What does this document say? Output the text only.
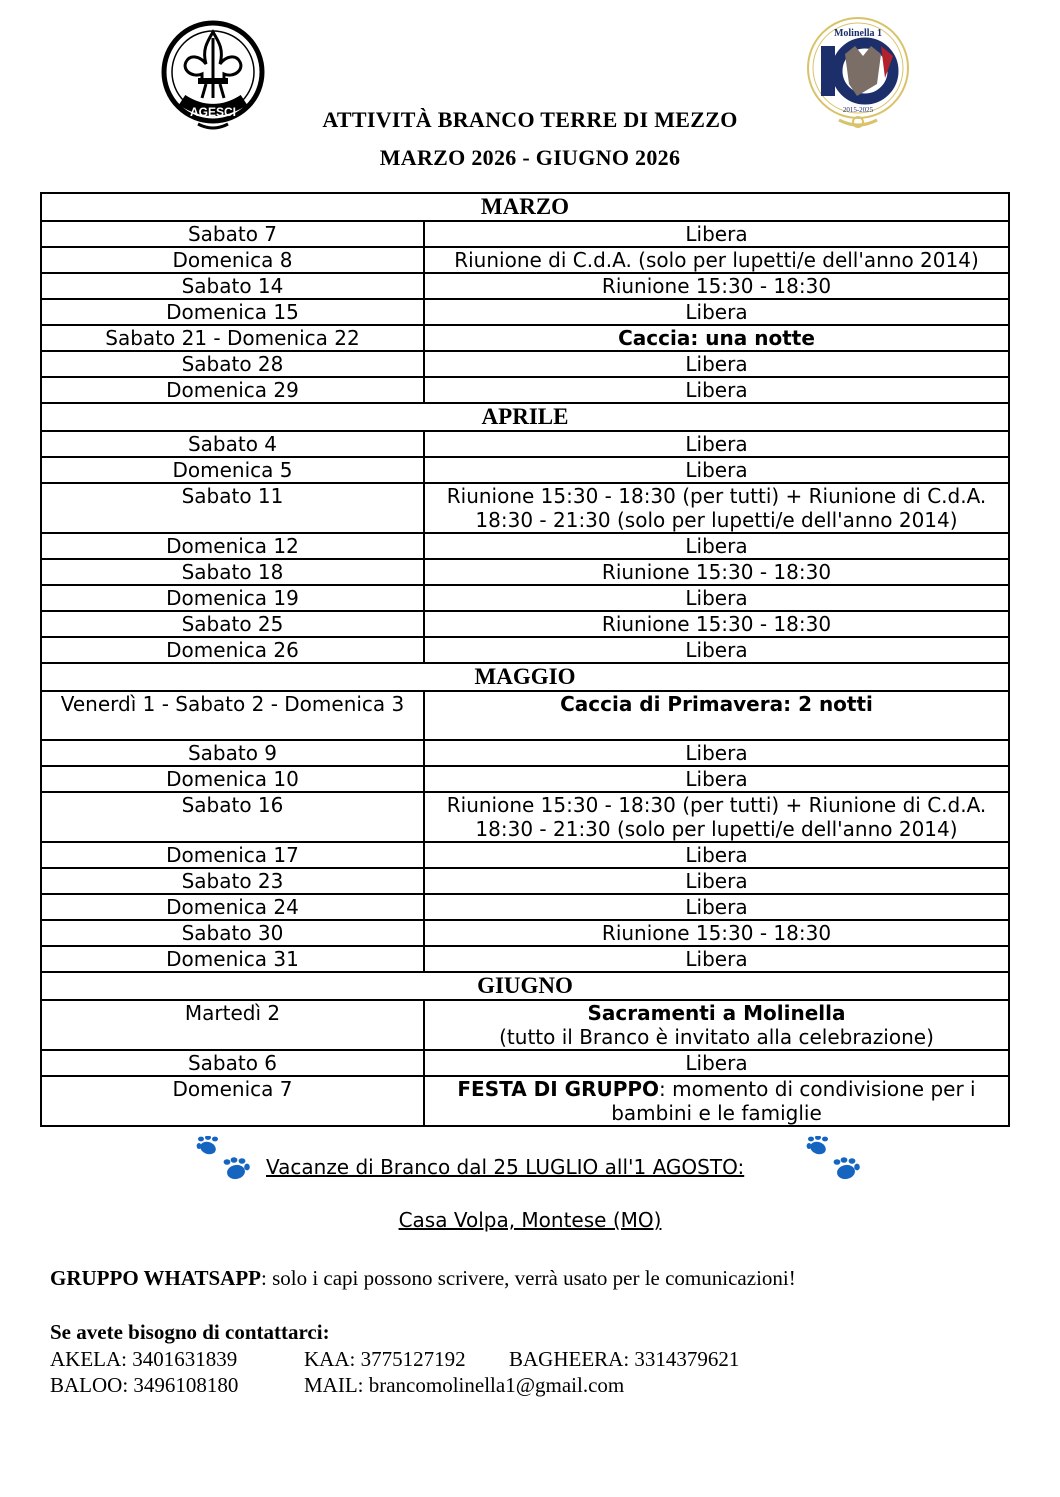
AGESCI
Molinella 1
2015-2025
ATTIVITÀ BRANCO TERRE DI MEZZO
MARZO 2026 - GIUGNO 2026
MARZO	
Sabato 7	Libera
Domenica 8	Riunione di C.d.A. (solo per lupetti/e dell'anno 2014)
Sabato 14	Riunione 15:30 - 18:30
Domenica 15	Libera
Sabato 21 - Domenica 22	Caccia: una notte
Sabato 28	Libera
Domenica 29	Libera
APRILE	
Sabato 4	Libera
Domenica 5	Libera
Sabato 11	Riunione 15:30 - 18:30 (per tutti) + Riunione di C.d.A. 18:30 - 21:30 (solo per lupetti/e dell'anno 2014)
Domenica 12	Libera
Sabato 18	Riunione 15:30 - 18:30
Domenica 19	Libera
Sabato 25	Riunione 15:30 - 18:30
Domenica 26	Libera
MAGGIO	
Venerdì 1 - Sabato 2 - Domenica 3	Caccia di Primavera: 2 notti
Sabato 9	Libera
Domenica 10	Libera
Sabato 16	Riunione 15:30 - 18:30 (per tutti) + Riunione di C.d.A. 18:30 - 21:30 (solo per lupetti/e dell'anno 2014)
Domenica 17	Libera
Sabato 23	Libera
Domenica 24	Libera
Sabato 30	Riunione 15:30 - 18:30
Domenica 31	Libera
GIUGNO	
Martedì 2	Sacramenti a Molinella
(tutto il Branco è invitato alla celebrazione)
Sabato 6	Libera
Domenica 7	FESTA DI GRUPPO: momento di condivisione per i bambini e le famiglie
Vacanze di Branco dal 25 LUGLIO all'1 AGOSTO:
Casa Volpa, Montese (MO)
GRUPPO WHATSAPP: solo i capi possono scrivere, verrà usato per le comunicazioni!
Se avete bisogno di contattarci:
AKELA: 3401631839	KAA: 3775127192 BAGHEERA: 3314379621
BALOO: 3496108180	MAIL: brancomolinella1@gmail.com
